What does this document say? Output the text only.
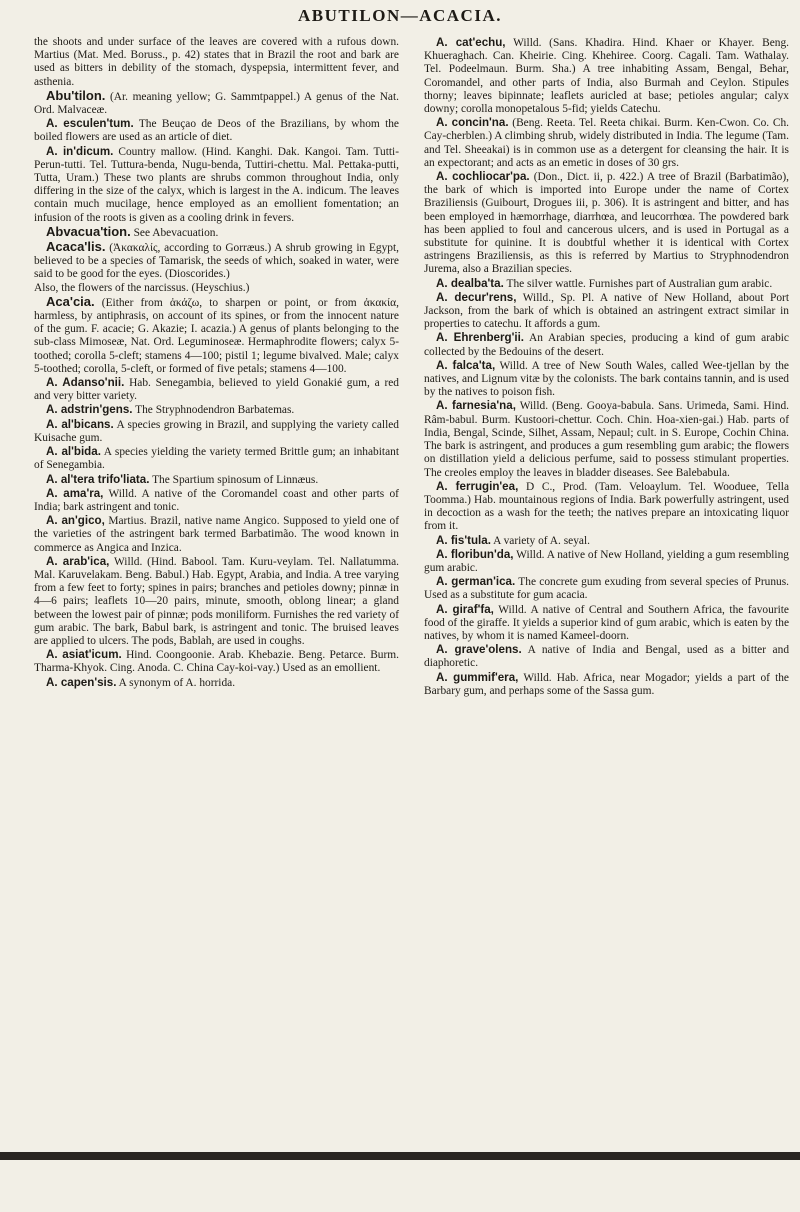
ABUTILON—ACACIA.

the shoots and under surface of the leaves are covered with a rufous down. Martius (Mat. Med. Boruss., p. 42) states that in Brazil the root and bark are used as bitters in debility of the stomach, dyspepsia, intermittent fever, and asthenia.

Abu'tilon. (Ar. meaning yellow; G. Sammtpappel.) A genus of the Nat. Ord. Malvaceæ.

A. esculen'tum. The Beuçao de Deos of the Brazilians, by whom the boiled flowers are used as an article of diet.

A. in'dicum. Country mallow. (Hind. Kanghi. Dak. Kangoi. Tam. Tutti-Perun-tutti. Tel. Tuttura-benda, Nugu-benda, Tuttiri-chettu. Mal. Pettaka-putti, Tutta, Uram.) These two plants are shrubs common throughout India, only differing in the size of the calyx, which is largest in the A. indicum. The leaves contain much mucilage, hence employed as an emollient fomentation; an infusion of the roots is given as a cooling drink in fevers.

Abvacua'tion. See Abevacuation.

Acaca'lis. (Ἀκακαλίς, according to Gorræus.) A shrub growing in Egypt, believed to be a species of Tamarisk, the seeds of which, soaked in water, were said to be good for the eyes. (Dioscorides.)

Also, the flowers of the narcissus. (Heyschius.)

Aca'cia. (Either from ἀκάζω, to sharpen or point, or from ἀκακία, harmless, by antiphrasis, on account of its spines, or from the innocent nature of the gum. F. acacie; G. Akazie; I. acazia.) A genus of plants belonging to the sub-class Mimoseæ, Nat. Ord. Leguminoseæ. Hermaphrodite flowers; calyx 5-toothed; corolla 5-cleft; stamens 4—100; pistil 1; legume bivalved. Male; calyx 5-toothed; corolla, 5-cleft, or formed of five petals; stamens 4—100.

A. Adanso'nii. Hab. Senegambia, believed to yield Gonakié gum, a red and very bitter variety.

A. adstrin'gens. The Stryphnodendron Barbatemas.

A. al'bicans. A species growing in Brazil, and supplying the variety called Kuisache gum.

A. al'bida. A species yielding the variety termed Brittle gum; an inhabitant of Senegambia.

A. al'tera trifo'liata. The Spartium spinosum of Linnæus.

A. ama'ra, Willd. A native of the Coromandel coast and other parts of India; bark astringent and tonic.

A. an'gico, Martius. Brazil, native name Angico. Supposed to yield one of the varieties of the astringent bark termed Barbatimão. The wood known in commerce as Angica and Inzica.

A. arab'ica, Willd. (Hind. Babool. Tam. Kuru-veylam. Tel. Nallatumma. Mal. Karuvelakam. Beng. Babul.) Hab. Egypt, Arabia, and India. A tree varying from a few feet to forty; spines in pairs; branches and petioles downy; pinnæ in 4—6 pairs; leaflets 10—20 pairs, minute, smooth, oblong linear; a gland between the lowest pair of pinnæ; pods moniliform. Furnishes the red variety of gum arabic. The bark, Babul bark, is astringent and tonic. The bruised leaves are applied to ulcers. The pods, Bablah, are used in coughs.

A. asiat'icum. Hind. Coongoonie. Arab. Khebazie. Beng. Petarce. Burm. Tharma-Khyok. Cing. Anoda. C. China Cay-koi-vay.) Used as an emollient.

A. capen'sis. A synonym of A. horrida.

A. cat'echu, Willd. (Sans. Khadira. Hind. Khaer or Khayer. Beng. Khueraghach. Can. Kheirie. Cing. Khehiree. Coorg. Cagali. Tam. Wathalay. Tel. Podeelmaun. Burm. Sha.) A tree inhabiting Assam, Bengal, Behar, Coromandel, and other parts of India, also Burmah and Ceylon. Stipules thorny; leaves bipinnate; leaflets auricled at base; petioles angular; calyx downy; corolla monopetalous 5-fid; yields Catechu.

A. concin'na. (Beng. Reeta. Tel. Reeta chikai. Burm. Ken-Cwon. Co. Ch. Cay-cherblen.) A climbing shrub, widely distributed in India. The legume (Tam. and Tel. Sheeakai) is in common use as a detergent for cleansing the hair. It is an expectorant; and acts as an emetic in doses of 30 grs.

A. cochliocar'pa. (Don., Dict. ii, p. 422.) A tree of Brazil (Barbatimão), the bark of which is imported into Europe under the name of Cortex Braziliensis (Guibourt, Drogues iii, p. 306). It is astringent and bitter, and has been employed in hæmorrhage, diarrhœa, and leucorrhœa. The powdered bark has been applied to foul and cancerous ulcers, and is used in Portugal as a substitute for quinine. It is doubtful whether it is identical with Cortex astringens Braziliensis, as this is referred by Martius to Stryphnodendron Jurema, also a Brazilian species.

A. dealba'ta. The silver wattle. Furnishes part of Australian gum arabic.

A. decur'rens, Willd., Sp. Pl. A native of New Holland, about Port Jackson, from the bark of which is obtained an astringent extract similar in properties to catechu. It affords a gum.

A. Ehrenberg'ii. An Arabian species, producing a kind of gum arabic collected by the Bedouins of the desert.

A. falca'ta, Willd. A tree of New South Wales, called Wee-tjellan by the natives, and Lignum vitæ by the colonists. The bark contains tannin, and is used by the natives to poison fish.

A. farnesia'na, Willd. (Beng. Gooya-babula. Sans. Urimeda, Sami. Hind. Râm-babul. Burm. Kustoori-chettur. Coch. Chin. Hoa-xien-gai.) Hab. parts of India, Bengal, Scinde, Silhet, Assam, Nepaul; cult. in S. Europe, Cochin China. The bark is astringent, and produces a gum resembling gum arabic; the flowers on distillation yield a delicious perfume, said to possess stimulant properties. The creoles employ the leaves in bladder diseases. See Balebabula.

A. ferrugin'ea, D C., Prod. (Tam. Veloaylum. Tel. Wooduee, Tella Toomma.) Hab. mountainous regions of India. Bark powerfully astringent, used in decoction as a wash for the teeth; the natives prepare an intoxicating liquor from it.

A. fis'tula. A variety of A. seyal.

A. floribun'da, Willd. A native of New Holland, yielding a gum resembling gum arabic.

A. german'ica. The concrete gum exuding from several species of Prunus. Used as a substitute for gum acacia.

A. giraf'fa, Willd. A native of Central and Southern Africa, the favourite food of the giraffe. It yields a superior kind of gum arabic, which is eaten by the natives, by whom it is named Kameel-doorn.

A. grave'olens. A native of India and Bengal, used as a bitter and diaphoretic.

A. gummif'era, Willd. Hab. Africa, near Mogador; yields a part of the Barbary gum, and perhaps some of the Sassa gum.
